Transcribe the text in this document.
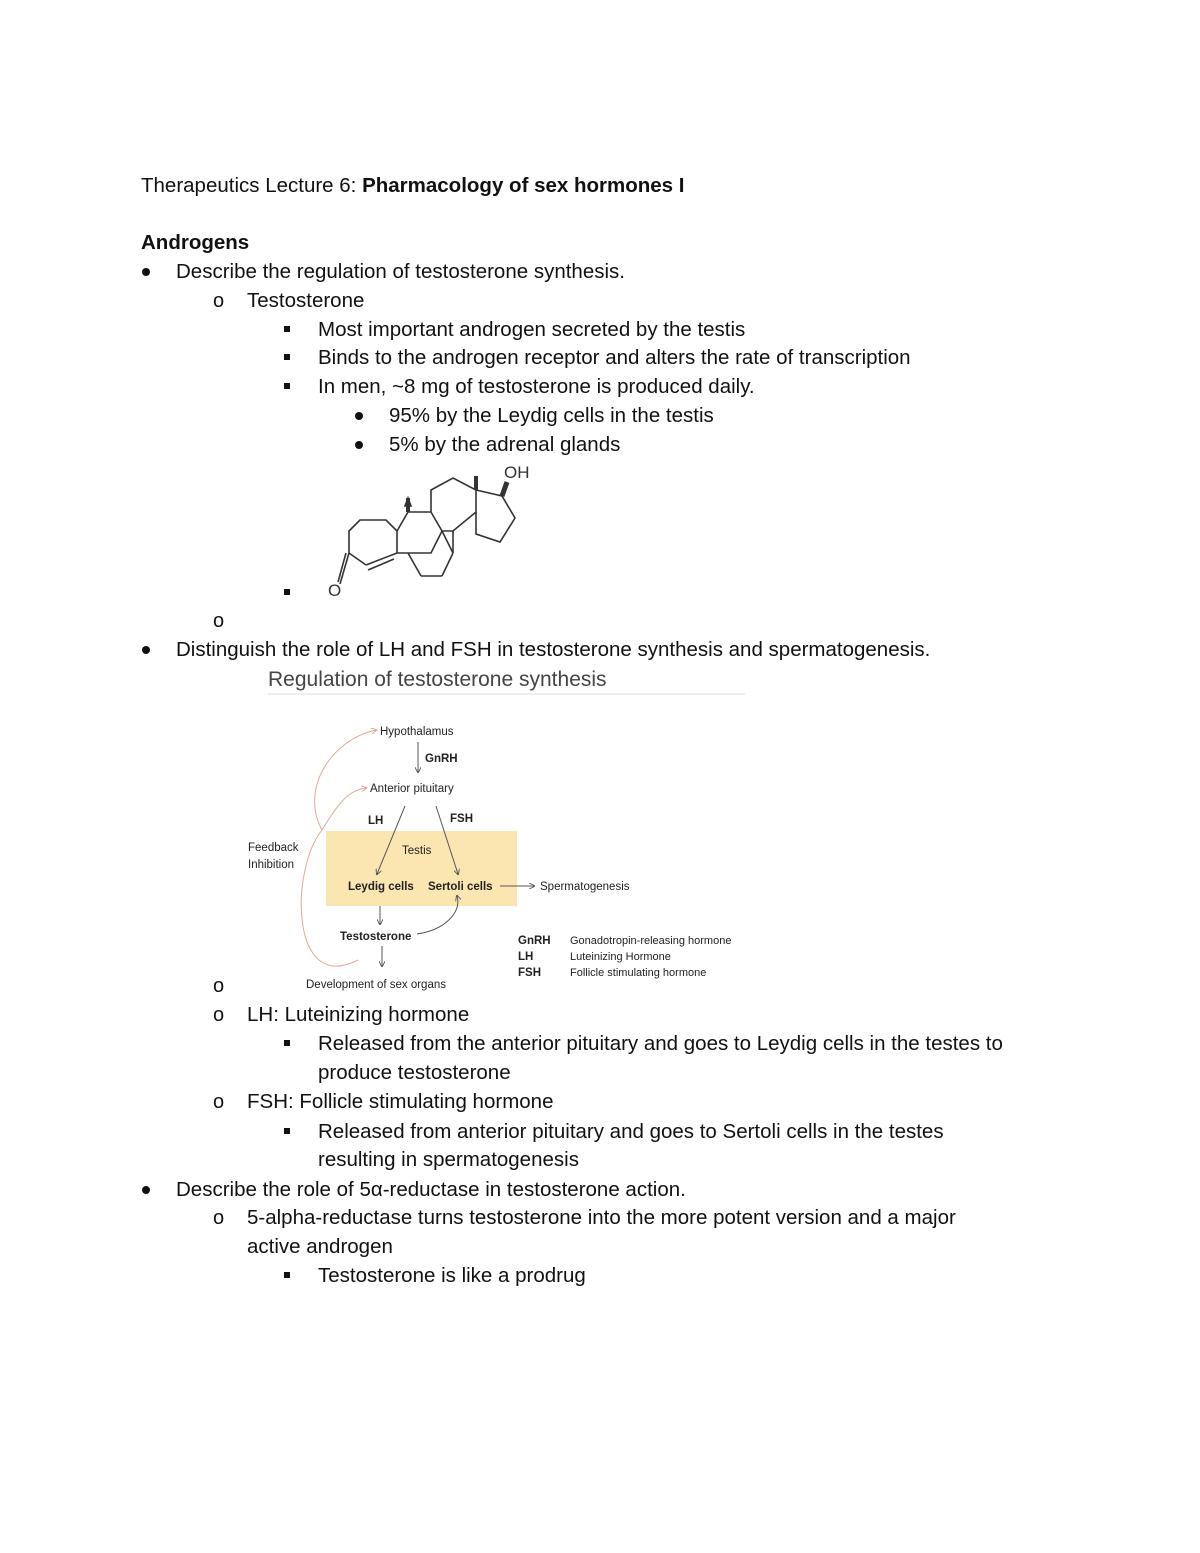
Therapeutics Lecture 6: Pharmacology of sex hormones I
Androgens
Describe the regulation of testosterone synthesis.
o Testosterone
Most important androgen secreted by the testis
Binds to the androgen receptor and alters the rate of transcription
In men, ~8 mg of testosterone is produced daily.
95% by the Leydig cells in the testis
5% by the adrenal glands
OH
O
o
Distinguish the role of LH and FSH in testosterone synthesis and spermatogenesis.
Regulation of testosterone synthesis
Hypothalamus
GnRH
Anterior pituitary
LH	FSH
Testis
Leydig cells Sertoli cells	Spermatogenesis
Feedback
Inhibition
Testosterone
Development of sex organs
GnRH Gonadotropin-releasing hormone
LH	Luteinizing Hormone
FSH	Follicle stimulating hormone
o
o LH: Luteinizing hormone
Released from the anterior pituitary and goes to Leydig cells in the testes to
produce testosterone
o FSH: Follicle stimulating hormone
Released from anterior pituitary and goes to Sertoli cells in the testes
resulting in spermatogenesis
Describe the role of 5α-reductase in testosterone action.
o 5-alpha-reductase turns testosterone into the more potent version and a major
active androgen
Testosterone is like a prodrug
